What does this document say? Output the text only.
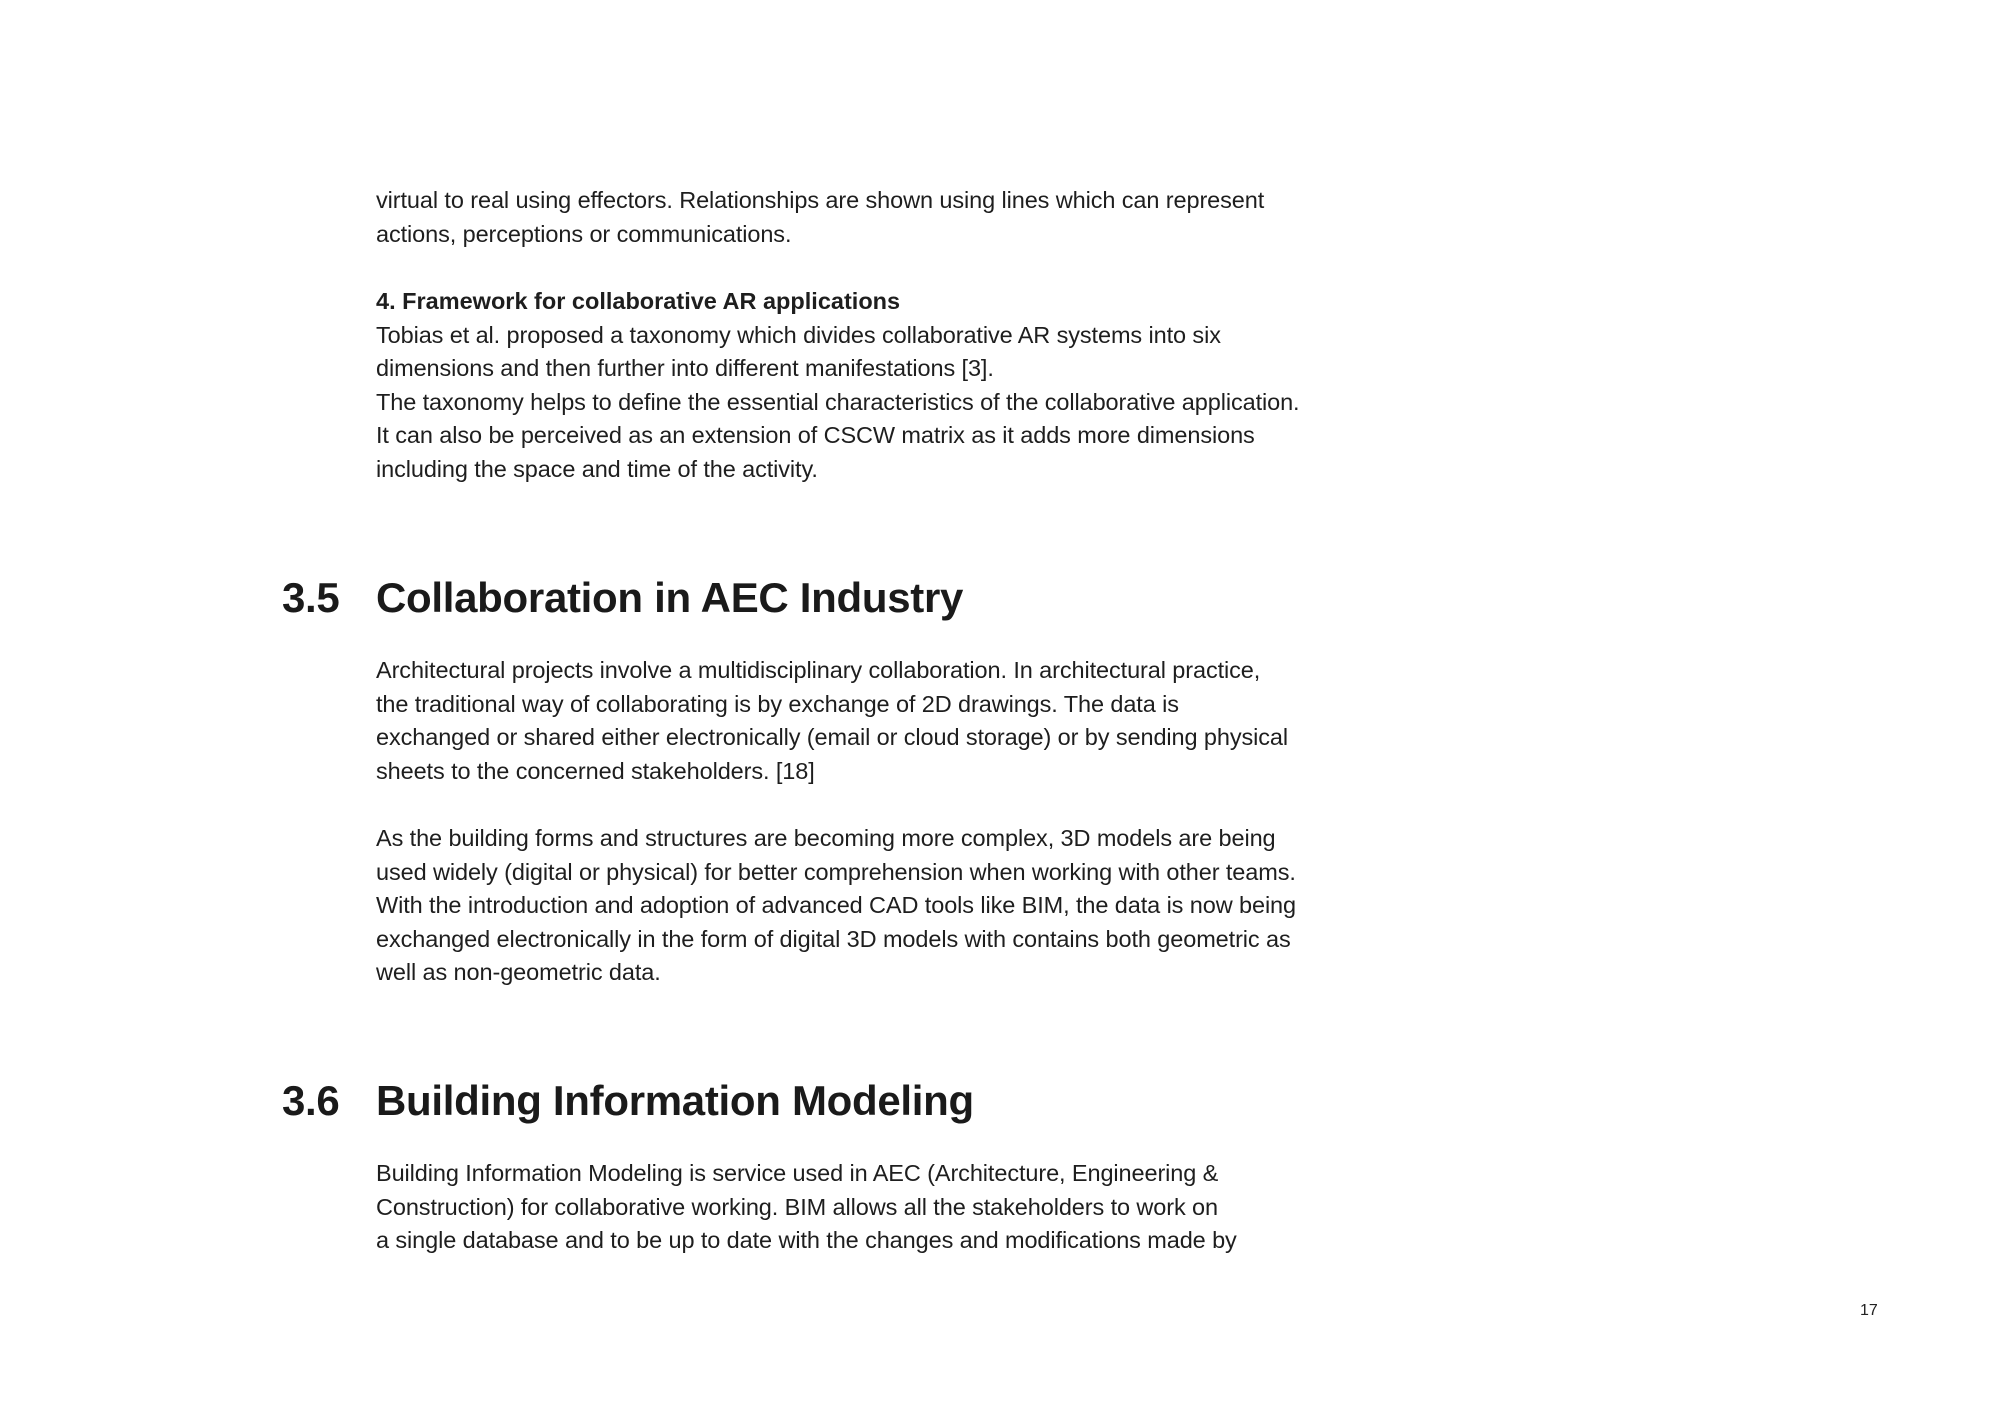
virtual to real using effectors. Relationships are shown using lines which can represent
actions, perceptions or communications.
4. Framework for collaborative AR applications
Tobias et al. proposed a taxonomy which divides collaborative AR systems into six
dimensions and then further into different manifestations [3].
The taxonomy helps to define the essential characteristics of the collaborative application.
It can also be perceived as an extension of CSCW matrix as it adds more dimensions
including the space and time of the activity.
3.5 Collaboration in AEC Industry
Architectural projects involve a multidisciplinary collaboration. In architectural practice,
the traditional way of collaborating is by exchange of 2D drawings. The data is
exchanged or shared either electronically (email or cloud storage) or by sending physical
sheets to the concerned stakeholders. [18]
As the building forms and structures are becoming more complex, 3D models are being
used widely (digital or physical) for better comprehension when working with other teams.
With the introduction and adoption of advanced CAD tools like BIM, the data is now being
exchanged electronically in the form of digital 3D models with contains both geometric as
well as non-geometric data.
3.6 Building Information Modeling
Building Information Modeling is service used in AEC (Architecture, Engineering &
Construction) for collaborative working. BIM allows all the stakeholders to work on
a single database and to be up to date with the changes and modifications made by
17
